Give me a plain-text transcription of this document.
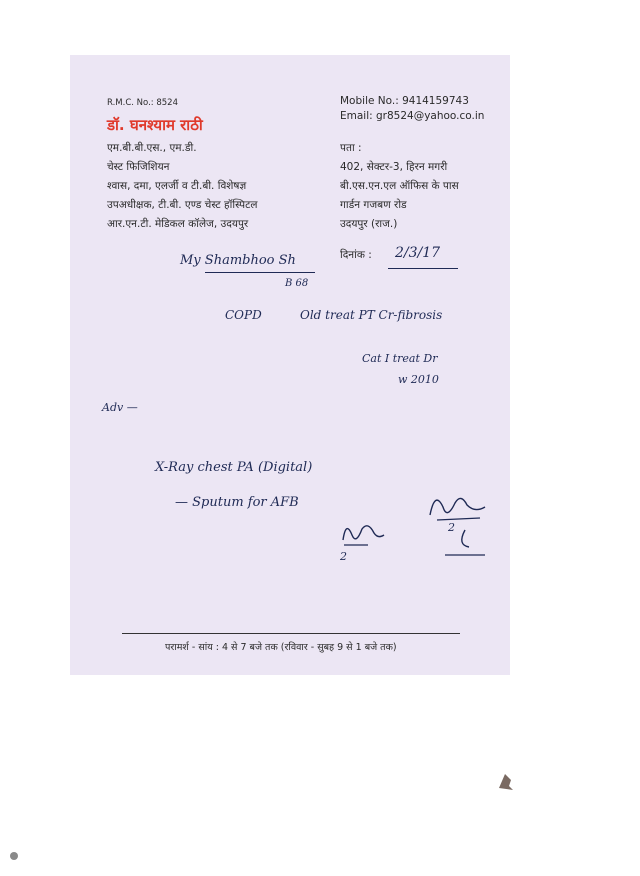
R.M.C. No.: 8524
डॉ. घनश्याम राठी
एम.बी.बी.एस., एम.डी.
चेस्ट फिजिशियन
श्वास, दमा, एलर्जी व टी.बी. विशेषज्ञ
उपअधीक्षक, टी.बी. एण्ड चेस्ट हॉस्पिटल
आर.एन.टी. मेडिकल कॉलेज, उदयपुर
Mobile No.: 9414159743
Email: gr8524@yahoo.co.in
पता :
402, सेक्टर-3, हिरन मगरी
बी.एस.एन.एल ऑफिस के पास
गार्डन गजबण रोड
उदयपुर (राज.)
दिनांक : 2/3/17
My Shambhoo Sh
B 68
COPD	Old treat PT Cr-fibrosis
Cat I treat Dr
w 2010
Adv —
X-Ray chest PA (Digital)
— Sputum for AFB
2
2
परामर्श - सांय : 4 से 7 बजे तक (रविवार - सुबह 9 से 1 बजे तक)
